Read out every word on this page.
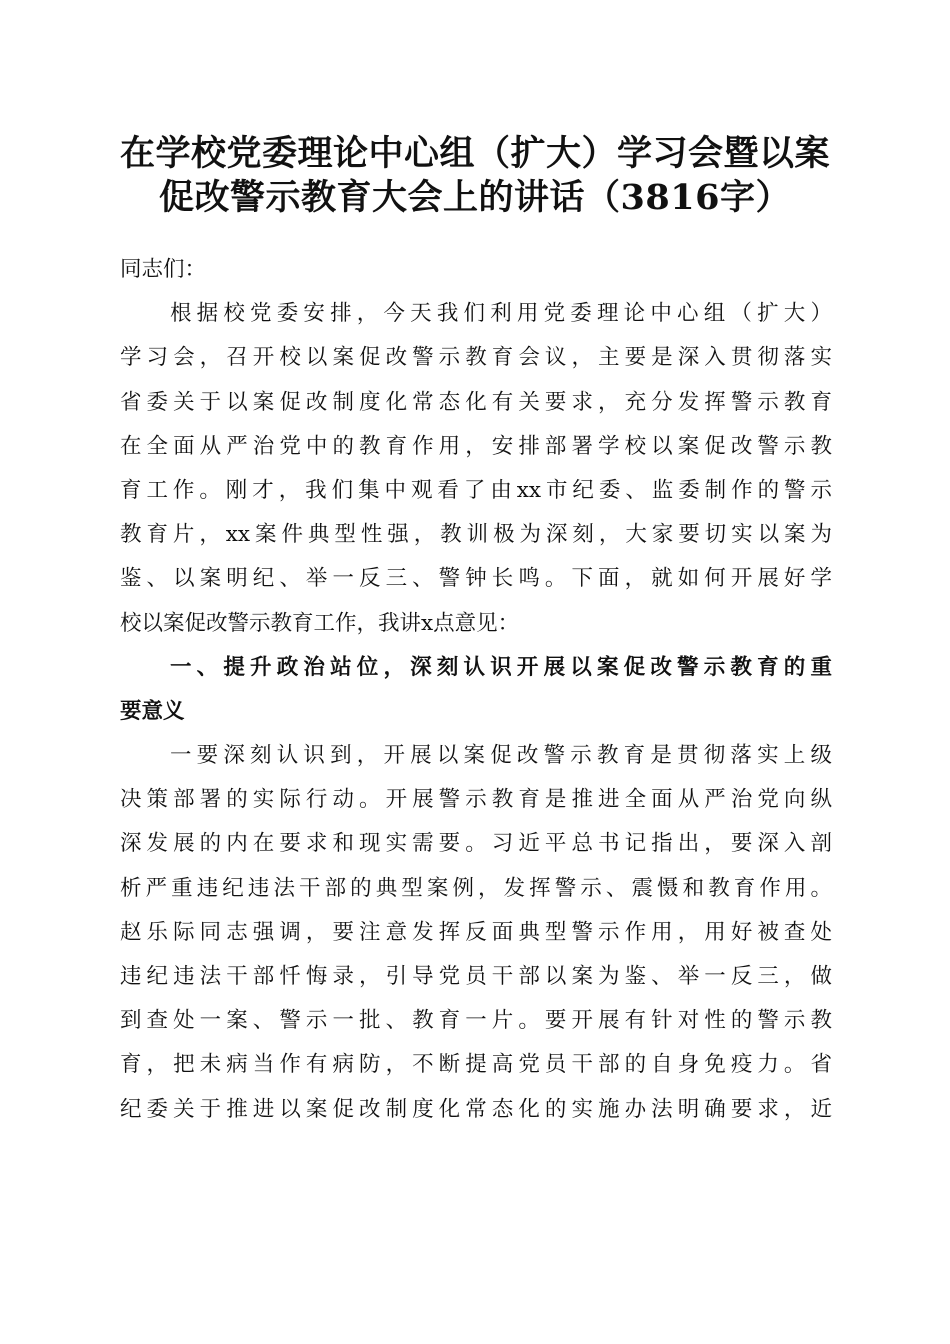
在学校党委理论中心组（扩大）学习会暨以案
促改警示教育大会上的讲话（3816字）
同志们：
根据校党委安排，今天我们利用党委理论中心组（扩大）
学习会，召开校以案促改警示教育会议，主要是深入贯彻落实
省委关于以案促改制度化常态化有关要求，充分发挥警示教育
在全面从严治党中的教育作用，安排部署学校以案促改警示教
育工作。刚才，我们集中观看了由xx市纪委、监委制作的警示
教育片，xx案件典型性强，教训极为深刻，大家要切实以案为
鉴、以案明纪、举一反三、警钟长鸣。下面，就如何开展好学
校以案促改警示教育工作，我讲x点意见：
一、提升政治站位，深刻认识开展以案促改警示教育的重
要意义
一要深刻认识到，开展以案促改警示教育是贯彻落实上级
决策部署的实际行动。开展警示教育是推进全面从严治党向纵
深发展的内在要求和现实需要。习近平总书记指出，要深入剖
析严重违纪违法干部的典型案例，发挥警示、震慑和教育作用。
赵乐际同志强调，要注意发挥反面典型警示作用，用好被查处
违纪违法干部忏悔录，引导党员干部以案为鉴、举一反三，做
到查处一案、警示一批、教育一片。要开展有针对性的警示教
育，把未病当作有病防，不断提高党员干部的自身免疫力。省
纪委关于推进以案促改制度化常态化的实施办法明确要求，近
